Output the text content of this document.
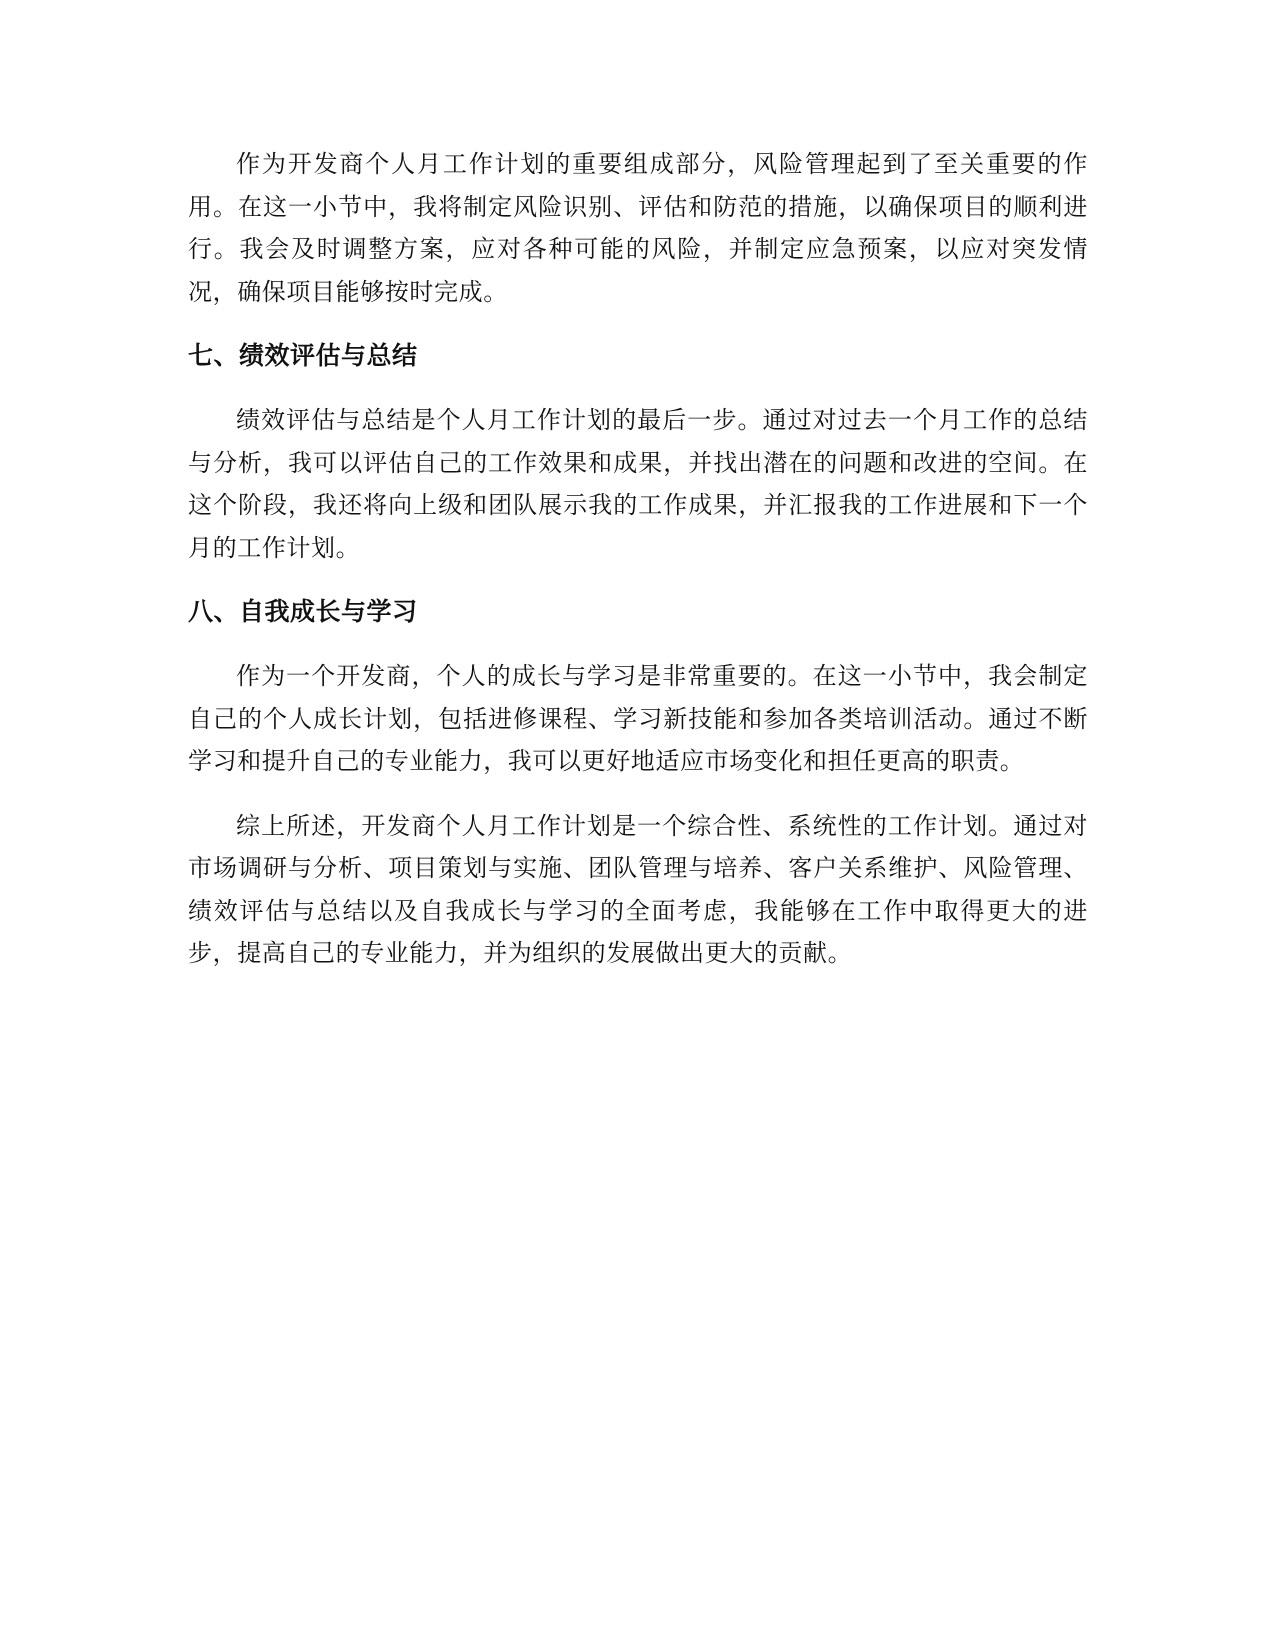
作为开发商个人月工作计划的重要组成部分，风险管理起到了至关重要的作用。在这一小节中，我将制定风险识别、评估和防范的措施，以确保项目的顺利进行。我会及时调整方案，应对各种可能的风险，并制定应急预案，以应对突发情况，确保项目能够按时完成。

七、绩效评估与总结

绩效评估与总结是个人月工作计划的最后一步。通过对过去一个月工作的总结与分析，我可以评估自己的工作效果和成果，并找出潜在的问题和改进的空间。在这个阶段，我还将向上级和团队展示我的工作成果，并汇报我的工作进展和下一个月的工作计划。

八、自我成长与学习

作为一个开发商，个人的成长与学习是非常重要的。在这一小节中，我会制定自己的个人成长计划，包括进修课程、学习新技能和参加各类培训活动。通过不断学习和提升自己的专业能力，我可以更好地适应市场变化和担任更高的职责。

综上所述，开发商个人月工作计划是一个综合性、系统性的工作计划。通过对市场调研与分析、项目策划与实施、团队管理与培养、客户关系维护、风险管理、绩效评估与总结以及自我成长与学习的全面考虑，我能够在工作中取得更大的进步，提高自己的专业能力，并为组织的发展做出更大的贡献。
